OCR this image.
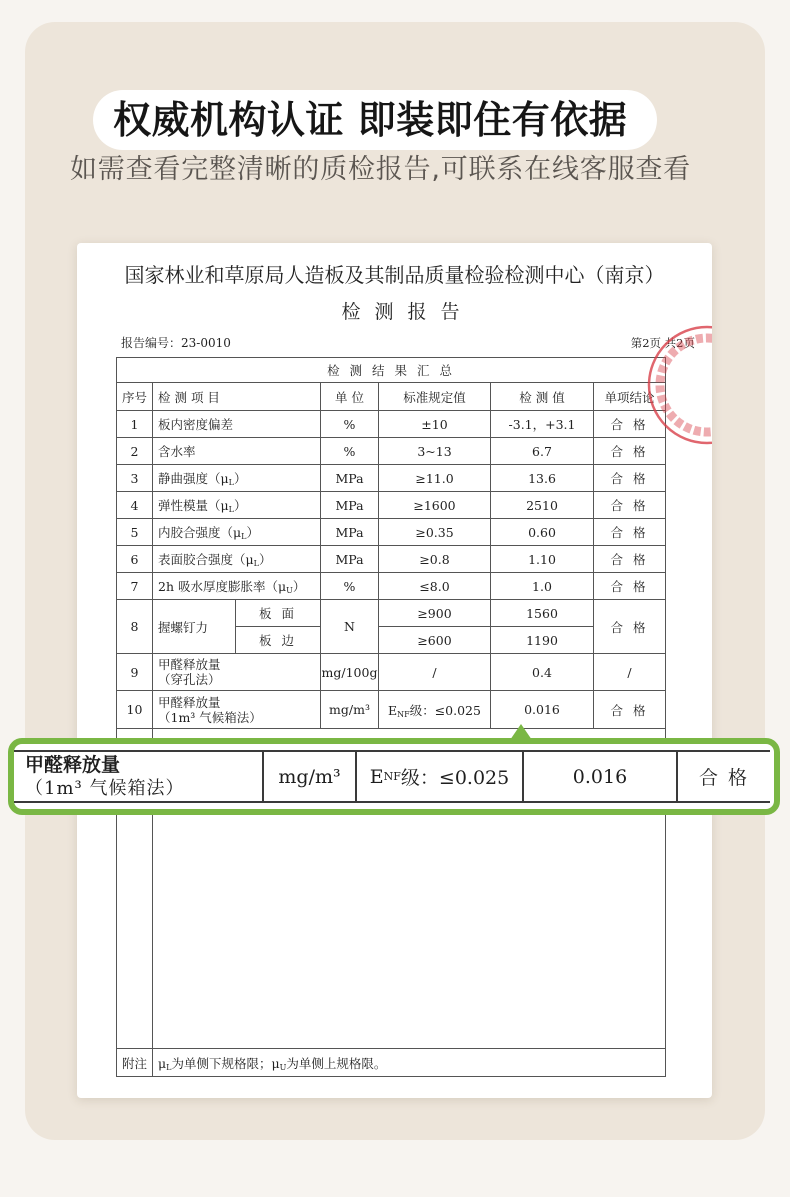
权威机构认证 即装即住有依据
如需查看完整清晰的质检报告,可联系在线客服查看
国家林业和草原局人造板及其制品质量检验检测中心（南京）
检 测 报 告
报告编号：23-0010	第2页 共2页
检 测 结 果 汇 总						
序号	检 测 项 目		单 位	标准规定值	检 测 值	单项结论
1	板内密度偏差		%	±10	-3.1，+3.1	合 格
2	含水率		%	3~13	6.7	合 格
3	静曲强度$(\mu_L)$		MPa	≥11.0	13.6	合 格
4	弹性模量$(\mu_L)$		MPa	≥1600	2510	合 格
5	内胶合强度$(\mu_L)$		MPa	≥0.35	0.60	合 格
6	表面胶合强度$(\mu_L)$		MPa	≥0.8	1.10	合 格
7	2h 吸水厚度膨胀率$(\mu_U)$		%	≤8.0	1.0	合 格
8	握螺钉力	板 面	N	≥900	1560	合 格
		板 边		≥600	1190	
9	甲醛释放量
（穿孔法）		mg/100g	/	0.4	/
10	甲醛释放量
（1m³ 气候箱法）		mg/m³	$E_{NF}$级：≤0.025	0.016	合 格

附注	$\mu_L$为单侧下规格限；$\mu_U$为单侧上规格限。					
甲醛释放量
（1m³ 气候箱法）
mg/m³	E NF 级：≤0.025	0.016	合 格
